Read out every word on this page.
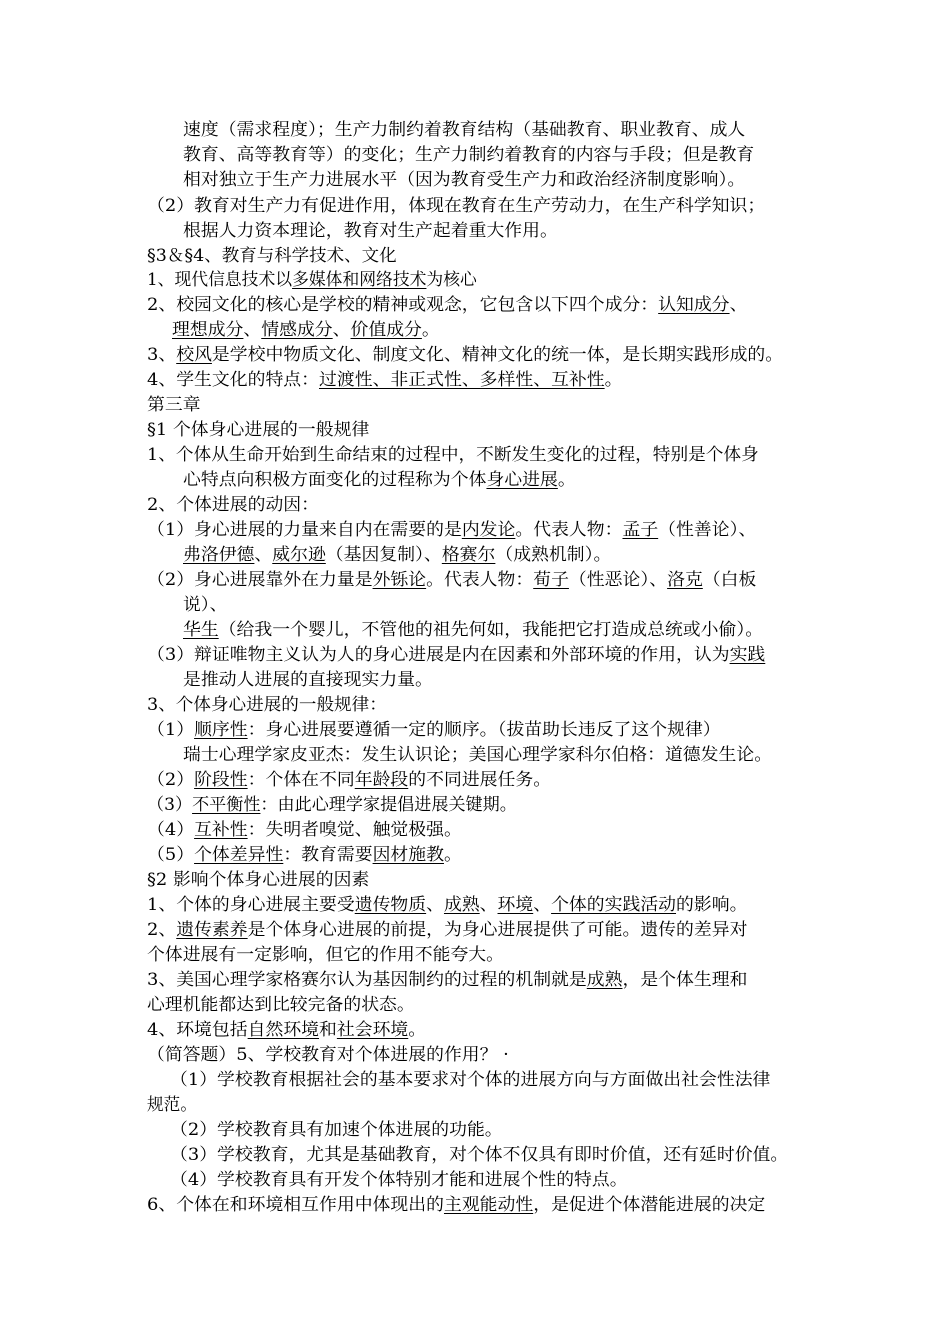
速度（需求程度）；生产力制约着教育结构（基础教育、职业教育、成人
教育、高等教育等）的变化；生产力制约着教育的内容与手段；但是教育
相对独立于生产力进展水平（因为教育受生产力和政治经济制度影响）。
（2）教育对生产力有促进作用，体现在教育在生产劳动力，在生产科学知识；
根据人力资本理论，教育对生产起着重大作用。
§3＆§4、教育与科学技术、文化
1、现代信息技术以多媒体和网络技术为核心
2、校园文化的核心是学校的精神或观念，它包含以下四个成分：认知成分、
理想成分、情感成分、价值成分。
3、校风是学校中物质文化、制度文化、精神文化的统一体，是长期实践形成的。
4、学生文化的特点：过渡性、非正式性、多样性、互补性。
第三章
§1 个体身心进展的一般规律
1、个体从生命开始到生命结束的过程中，不断发生变化的过程，特别是个体身
心特点向积极方面变化的过程称为个体身心进展。
2、个体进展的动因：
（1）身心进展的力量来自内在需要的是内发论。代表人物：孟子（性善论）、
弗洛伊德、威尔逊（基因复制）、格赛尔（成熟机制）。
（2）身心进展靠外在力量是外铄论。代表人物：荀子（性恶论）、洛克（白板
说）、
华生（给我一个婴儿，不管他的祖先何如，我能把它打造成总统或小偷）。
（3）辩证唯物主义认为人的身心进展是内在因素和外部环境的作用，认为实践
是推动人进展的直接现实力量。
3、个体身心进展的一般规律：
（1）顺序性：身心进展要遵循一定的顺序。（拔苗助长违反了这个规律）
瑞士心理学家皮亚杰：发生认识论；美国心理学家科尔伯格：道德发生论。
（2）阶段性：个体在不同年龄段的不同进展任务。
（3）不平衡性：由此心理学家提倡进展关键期。
（4）互补性：失明者嗅觉、触觉极强。
（5）个体差异性：教育需要因材施教。
§2 影响个体身心进展的因素
1、个体的身心进展主要受遗传物质、成熟、环境、个体的实践活动的影响。
2、遗传素养是个体身心进展的前提，为身心进展提供了可能。遗传的差异对
个体进展有一定影响，但它的作用不能夸大。
3、美国心理学家格赛尔认为基因制约的过程的机制就是成熟，是个体生理和
心理机能都达到比较完备的状态。
4、环境包括自然环境和社会环境。
（简答题）5、学校教育对个体进展的作用？ ·
（1）学校教育根据社会的基本要求对个体的进展方向与方面做出社会性法律
规范。
（2）学校教育具有加速个体进展的功能。
（3）学校教育，尤其是基础教育，对个体不仅具有即时价值，还有延时价值。
（4）学校教育具有开发个体特别才能和进展个性的特点。
6、个体在和环境相互作用中体现出的主观能动性，是促进个体潜能进展的决定
